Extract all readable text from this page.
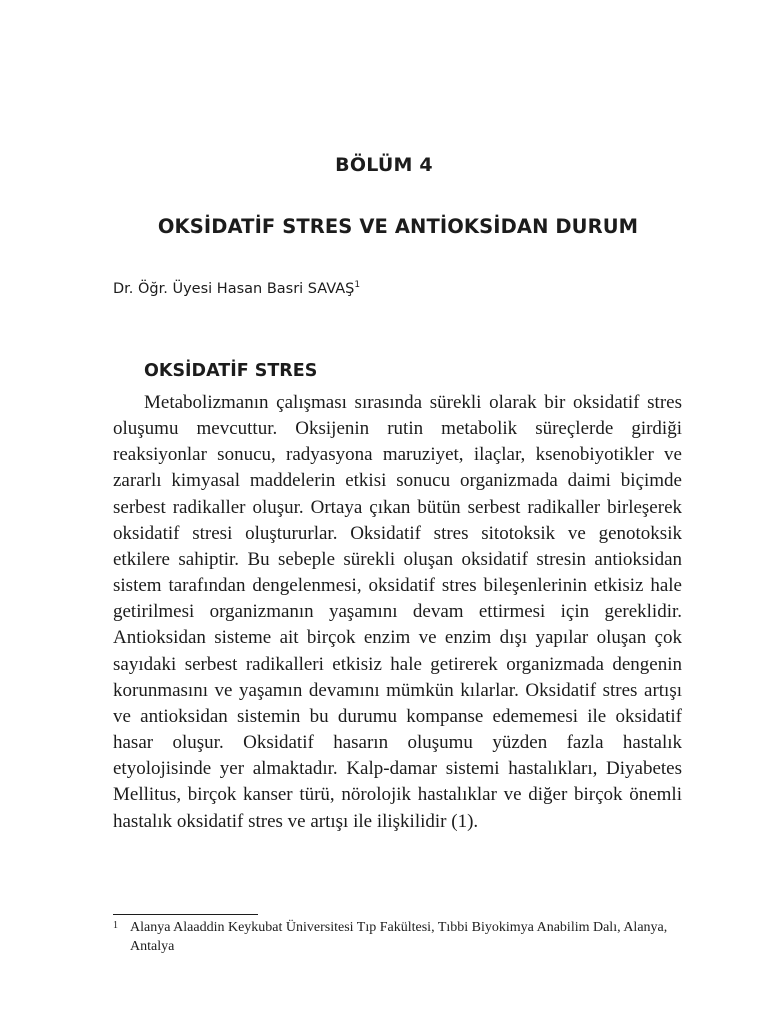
BÖLÜM 4
OKSİDATİF STRES VE ANTİOKSİDAN DURUM
Dr. Öğr. Üyesi Hasan Basri SAVAŞ$^1$
OKSİDATİF STRES

Metabolizmanın çalışması sırasında sürekli olarak bir oksidatif stres oluşumu mevcuttur. Oksijenin rutin metabolik süreçlerde girdiği reaksiyonlar sonucu, radyasyona maruziyet, ilaçlar, ksenobiyotikler ve zararlı kimyasal maddelerin etkisi sonucu organizmada daimi biçimde serbest radikaller oluşur. Ortaya çıkan bütün serbest radikaller birleşerek oksidatif stresi oluştururlar. Oksidatif stres sitotoksik ve genotoksik etkilere sahiptir. Bu sebeple sürekli oluşan oksidatif stresin antioksidan sistem tarafından dengelenmesi, oksidatif stres bileşenlerinin etkisiz hale getirilmesi organizmanın yaşamını devam ettirmesi için gereklidir. Antioksidan sisteme ait birçok enzim ve enzim dışı yapılar oluşan çok sayıdaki serbest radikalleri etkisiz hale getirerek organizmada dengenin korunmasını ve yaşamın devamını mümkün kılarlar. Oksidatif stres artışı ve antioksidan sistemin bu durumu kompanse edememesi ile oksidatif hasar oluşur. Oksidatif hasarın oluşumu yüzden fazla hastalık etyolojisinde yer almaktadır. Kalp-damar sistemi hastalıkları, Diyabetes Mellitus, birçok kanser türü, nörolojik hastalıklar ve diğer birçok önemli hastalık oksidatif stres ve artışı ile ilişkilidir (1).

1 Alanya Alaaddin Keykubat Üniversitesi Tıp Fakültesi, Tıbbi Biyokimya Anabilim Dalı, Alanya, Antalya
